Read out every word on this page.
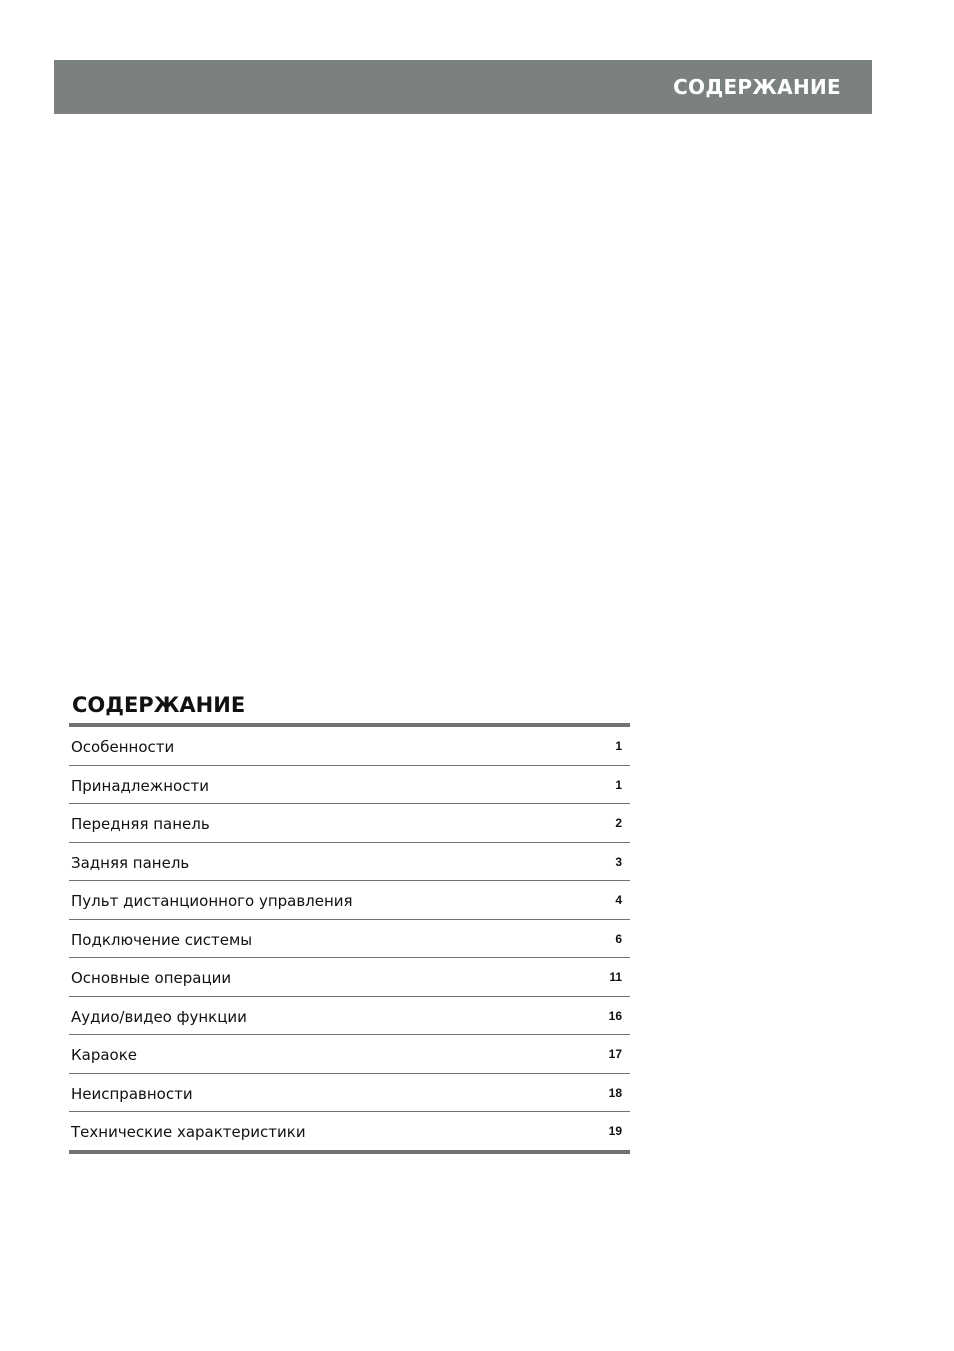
СОДЕРЖАНИЕ
СОДЕРЖАНИЕ
Особенности	1
Принадлежности	1
Передняя панель	2
Задняя панель	3
Пульт дистанционного управления	4
Подключение системы	6
Основные операции	11
Аудио/видео функции	16
Караоке	17
Неисправности	18
Технические характеристики	19
